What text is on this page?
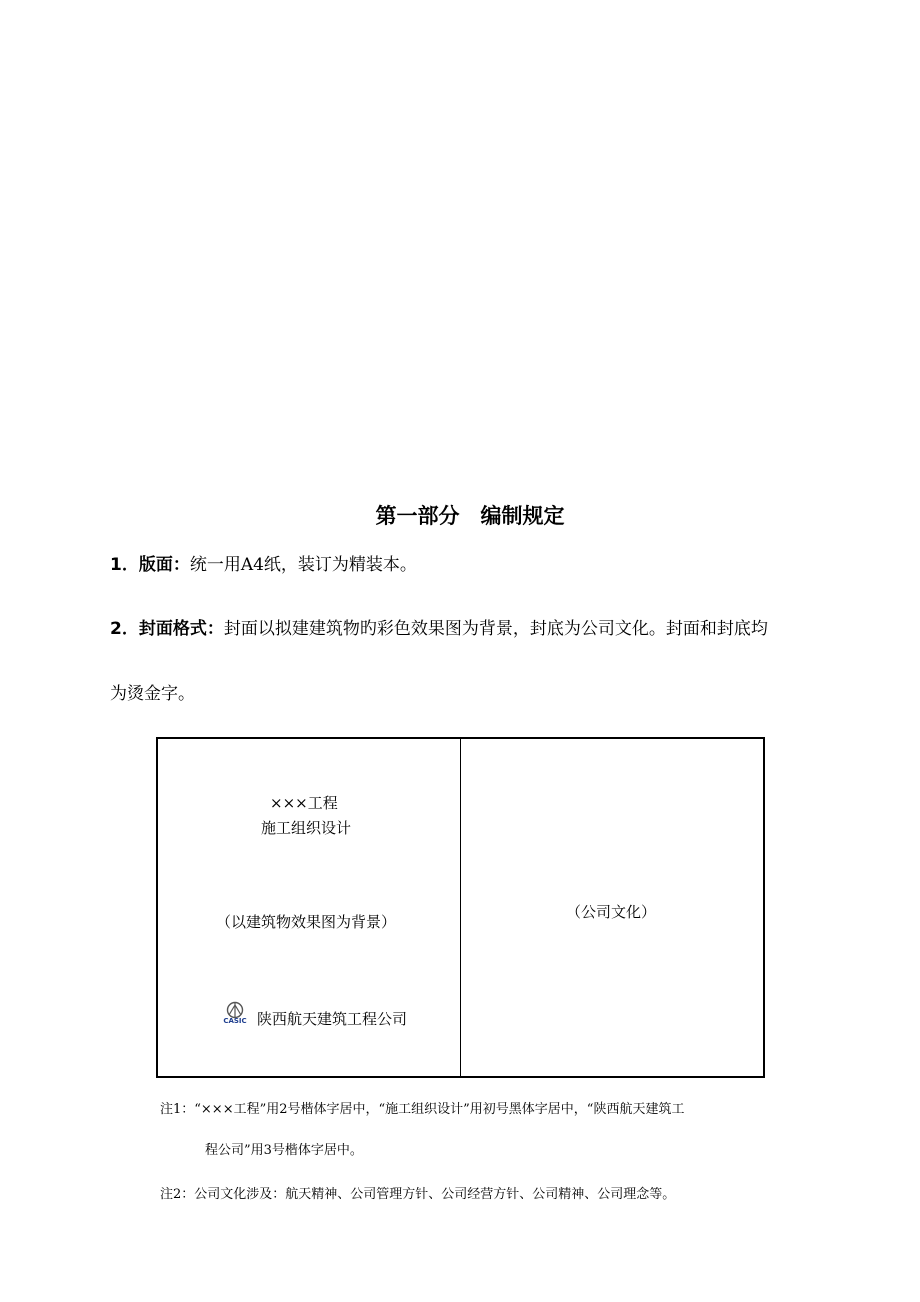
第一部分　编制规定
1．版面：统一用A4纸，装订为精装本。
2．封面格式：封面以拟建建筑物旳彩色效果图为背景，封底为公司文化。封面和封底均
为烫金字。
×××工程
施工组织设计
（以建筑物效果图为背景）
CASIC 陕西航天建筑工程公司
（公司文化）
注1：“×××工程”用2号楷体字居中，“施工组织设计”用初号黑体字居中，“陕西航天建筑工
程公司”用3号楷体字居中。
注2：公司文化涉及：航天精神、公司管理方针、公司经营方针、公司精神、公司理念等。
